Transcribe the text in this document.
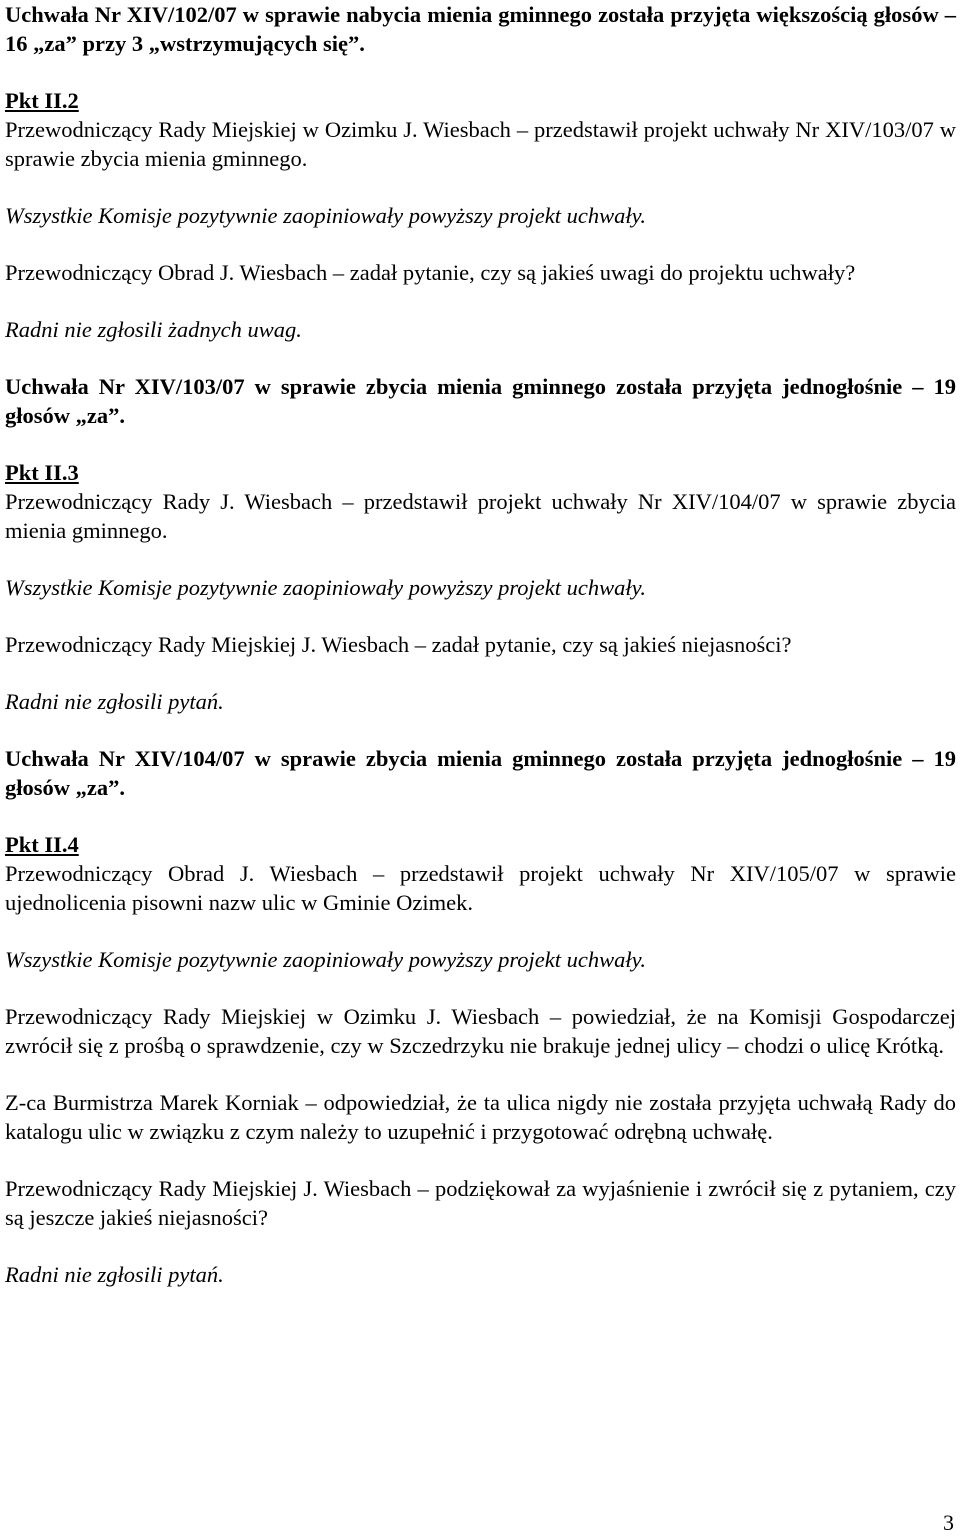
Uchwała Nr XIV/102/07 w sprawie nabycia mienia gminnego została przyjęta większością głosów – 16 „za” przy 3 „wstrzymujących się”.

Pkt II.2

Przewodniczący Rady Miejskiej w Ozimku J. Wiesbach – przedstawił projekt uchwały Nr XIV/103/07 w sprawie zbycia mienia gminnego.

Wszystkie Komisje pozytywnie zaopiniowały powyższy projekt uchwały.

Przewodniczący Obrad J. Wiesbach – zadał pytanie, czy są jakieś uwagi do projektu uchwały?

Radni nie zgłosili żadnych uwag.

Uchwała Nr XIV/103/07 w sprawie zbycia mienia gminnego została przyjęta jednogłośnie – 19 głosów „za”.

Pkt II.3

Przewodniczący Rady J. Wiesbach – przedstawił projekt uchwały Nr XIV/104/07 w sprawie zbycia mienia gminnego.

Wszystkie Komisje pozytywnie zaopiniowały powyższy projekt uchwały.

Przewodniczący Rady Miejskiej J. Wiesbach – zadał pytanie, czy są jakieś niejasności?

Radni nie zgłosili pytań.

Uchwała Nr XIV/104/07 w sprawie zbycia mienia gminnego została przyjęta jednogłośnie – 19 głosów „za”.

Pkt II.4

Przewodniczący Obrad J. Wiesbach – przedstawił projekt uchwały Nr XIV/105/07 w sprawie ujednolicenia pisowni nazw ulic w Gminie Ozimek.

Wszystkie Komisje pozytywnie zaopiniowały powyższy projekt uchwały.

Przewodniczący Rady Miejskiej w Ozimku J. Wiesbach – powiedział, że na Komisji Gospodarczej zwrócił się z prośbą o sprawdzenie, czy w Szczedrzyku nie brakuje jednej ulicy – chodzi o ulicę Krótką.

Z-ca Burmistrza Marek Korniak – odpowiedział, że ta ulica nigdy nie została przyjęta uchwałą Rady do katalogu ulic w związku z czym należy to uzupełnić i przygotować odrębną uchwałę.

Przewodniczący Rady Miejskiej J. Wiesbach – podziękował za wyjaśnienie i zwrócił się z pytaniem, czy są jeszcze jakieś niejasności?

Radni nie zgłosili pytań.

3
